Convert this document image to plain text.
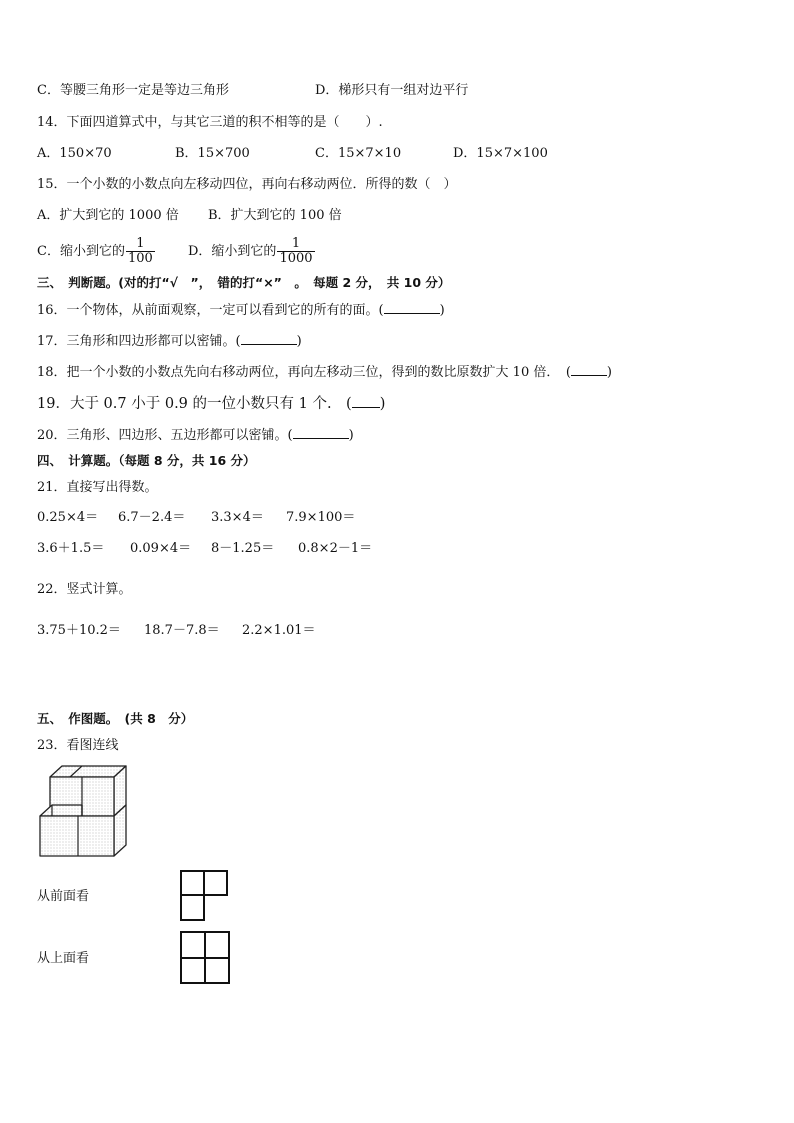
C．等腰三角形一定是等边三角形	D．梯形只有一组对边平行
14．下面四道算式中，与其它三道的积不相等的是（　　）.
A．150×70	B．15×700	C．15×7×10	D．15×7×100
15．一个小数的小数点向左移动四位，再向右移动两位．所得的数（　）
A．扩大到它的 1000 倍 B．扩大到它的 100 倍
C．缩小到它的 $\frac{1}{100}$	D．缩小到它的 $\frac{1}{1000}$
三、　判断题。(对的打“√　”，　错的打“×”　。　每题 2 分，　共 10 分）
16．一个物体，从前面观察，一定可以看到它的所有的面。(	)
17．三角形和四边形都可以密铺。(	)
18．把一个小数的小数点先向右移动两位，再向左移动三位，得到的数比原数扩大 10 倍．　(	)
19．大于 0.7 小于 0.9 的一位小数只有 1 个.　( )
20．三角形、四边形、五边形都可以密铺。(	)
四、　计算题。（每题 8 分，共 16 分）
21．直接写出得数。
0.25×4＝ 6.7－2.4＝ 3.3×4＝ 7.9×100＝
3.6＋1.5＝ 0.09×4＝ 8－1.25＝ 0.8×2－1＝
22．竖式计算。
3.75＋10.2＝ 18.7－7.8＝ 2.2×1.01＝
五、　作图题。　(共 8　分）
23．看图连线
从前面看
从上面看
